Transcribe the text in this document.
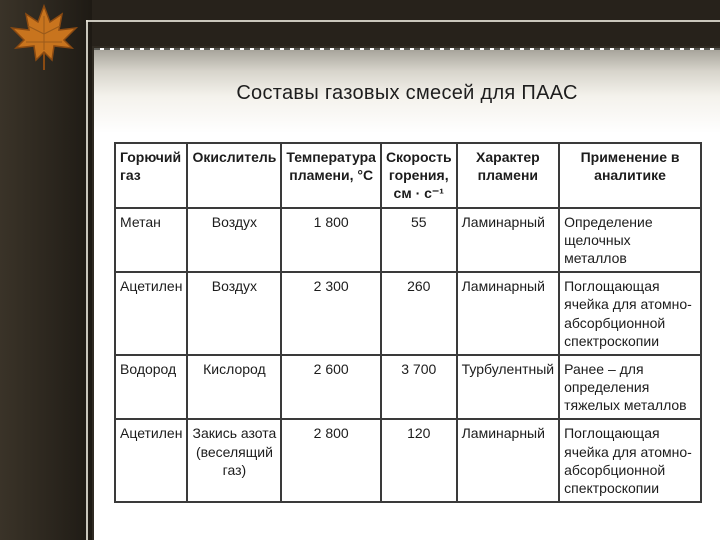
Составы газовых смесей для ПААС
Горючий газ	Окислитель	Температура пламени, °С	Скорость горения, см · с⁻¹	Характер пламени	Применение в аналитике
Метан	Воздух	1 800	55	Ламинарный	Определение щелочных металлов
Ацетилен	Воздух	2 300	260	Ламинарный	Поглощающая ячейка для атомно-абсорбционной спектроскопии
Водород	Кислород	2 600	3 700	Турбулентный	Ранее – для определения тяжелых металлов
Ацетилен	Закись азота (веселящий газ)	2 800	120	Ламинарный	Поглощающая ячейка для атомно-абсорбционной спектроскопии
